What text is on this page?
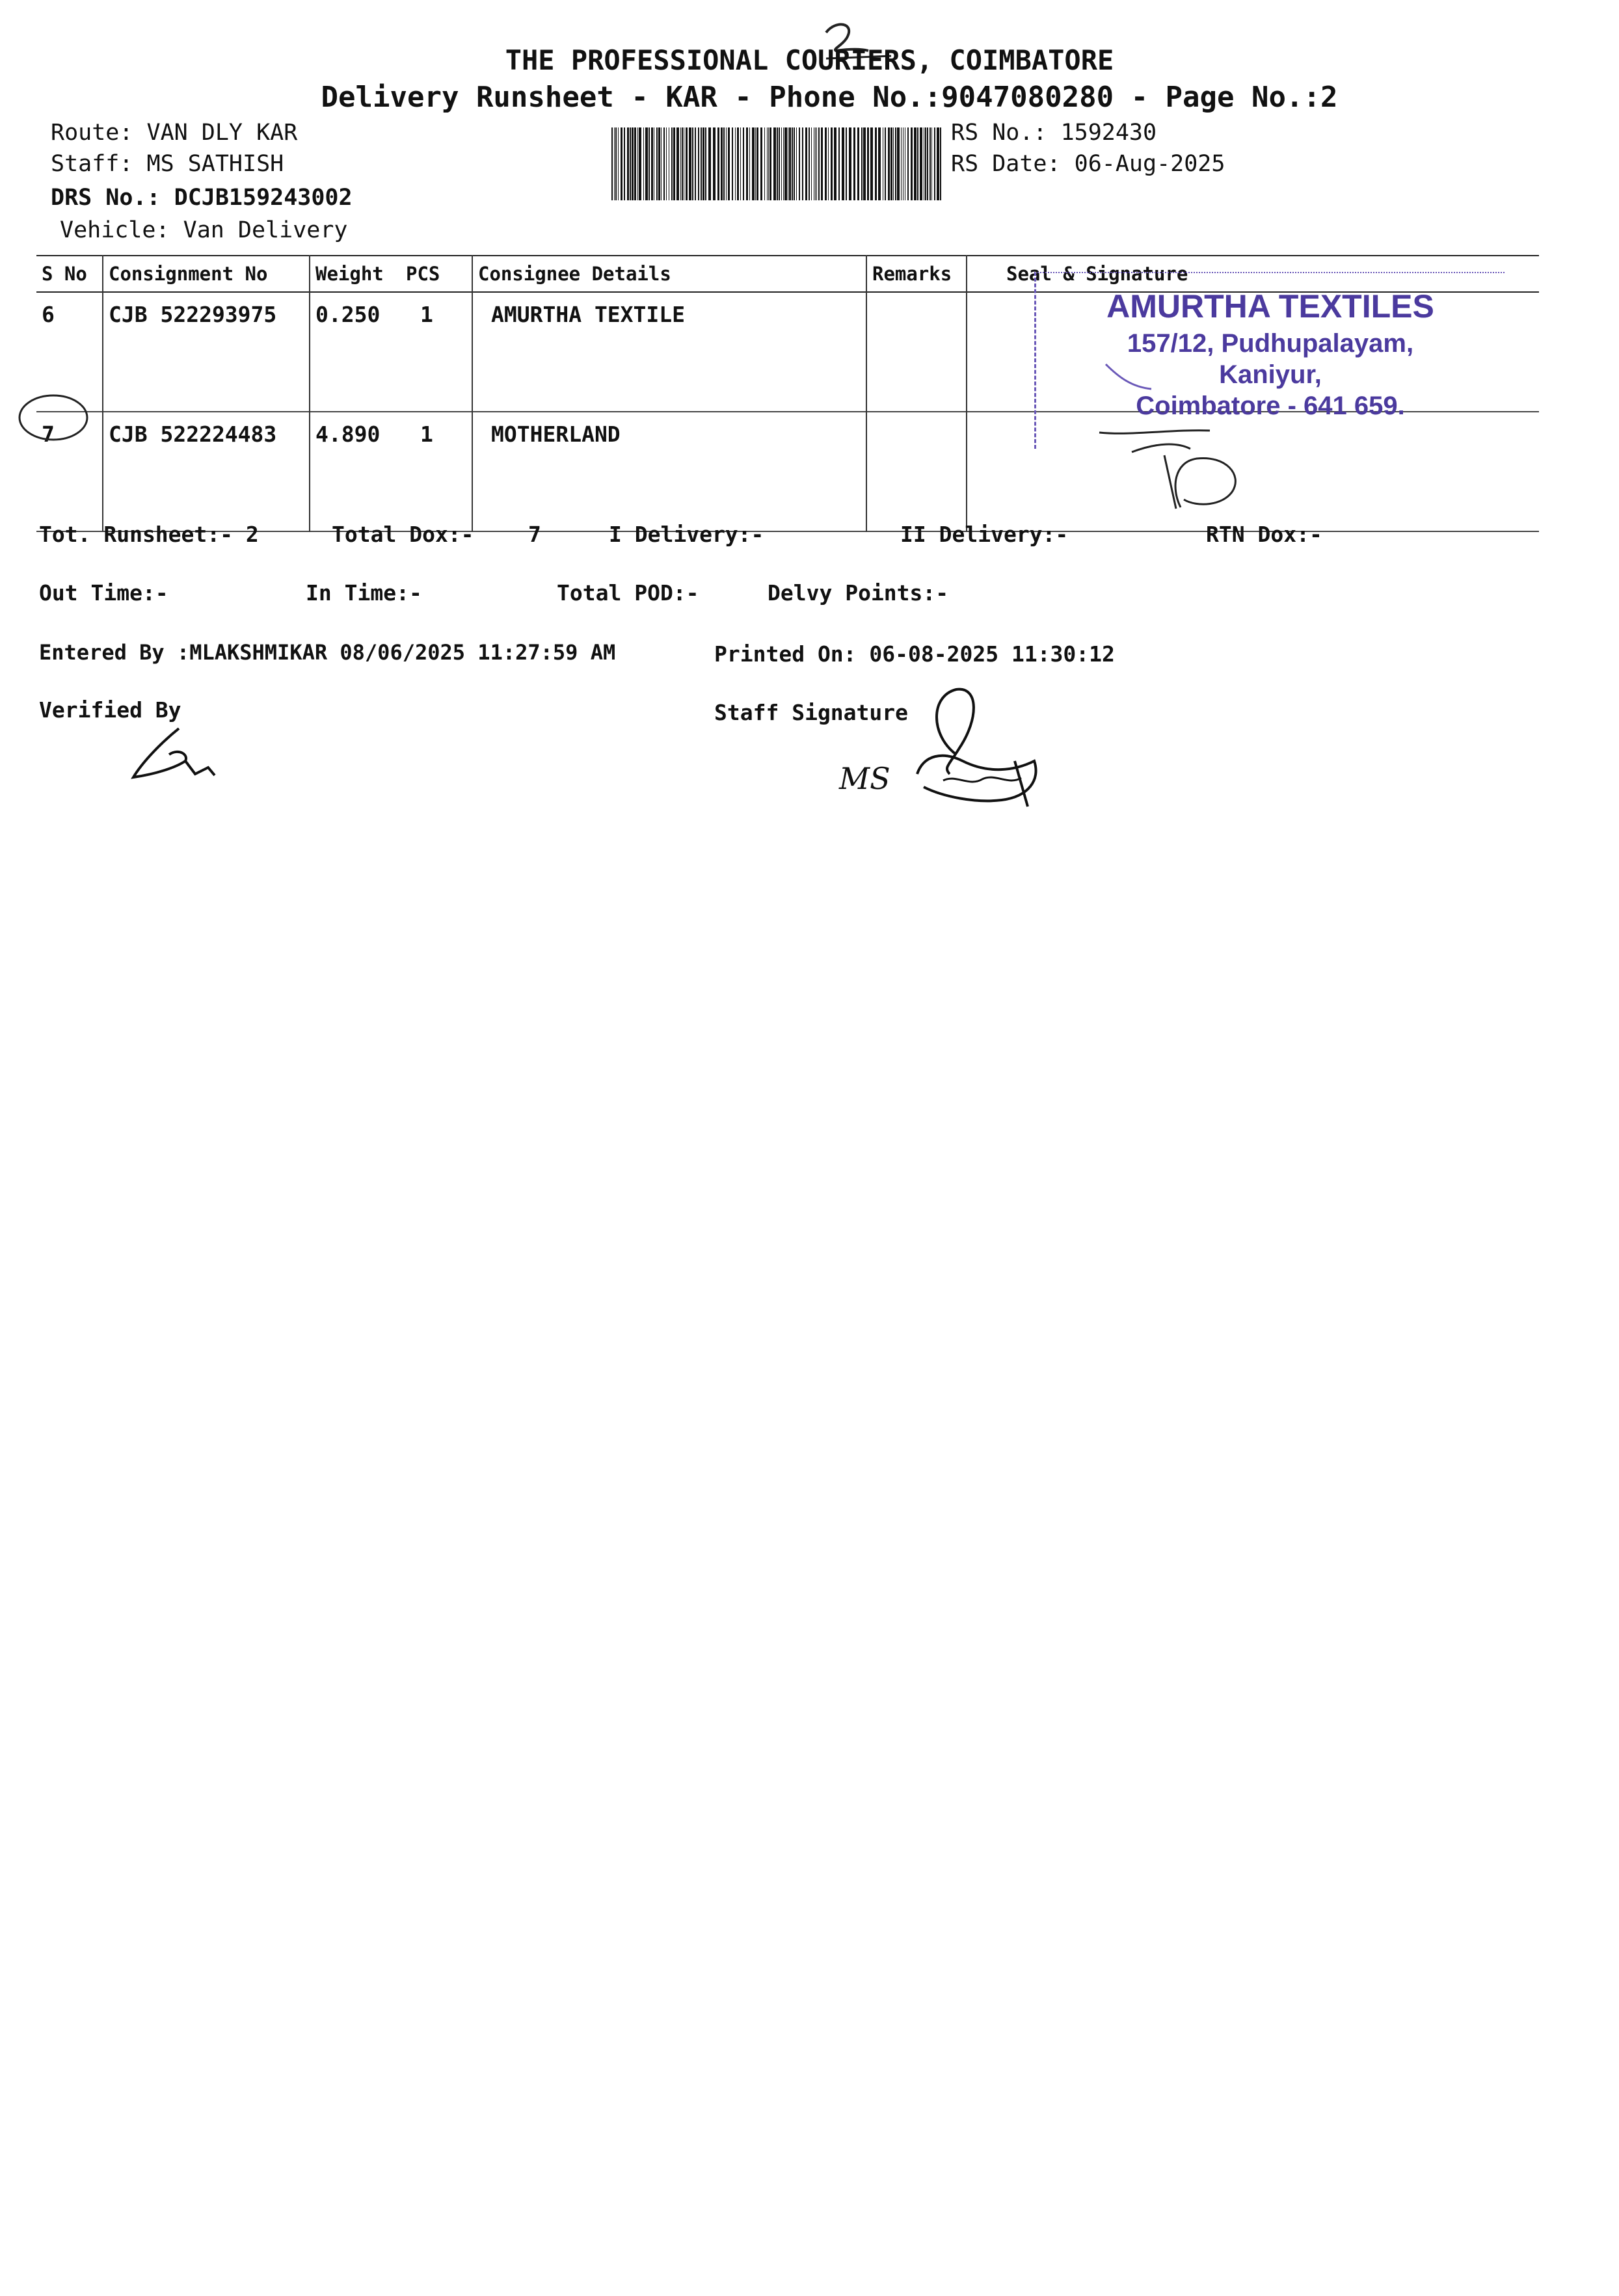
THE PROFESSIONAL COURIERS, COIMBATORE
Delivery Runsheet - KAR - Phone No.:9047080280 - Page No.:2
Route: VAN DLY KAR
Staff: MS SATHISH
DRS No.: DCJB159243002
Vehicle: Van Delivery
RS No.: 1592430
RS Date: 06-Aug-2025
S No	Consignment No	Weight	PCS	Consignee Details	Remarks	Seal & Signature
6	CJB 522293975	0.250	1	AMURTHA TEXTILE		
7	CJB 522224483	4.890	1	MOTHERLAND		
AMURTHA TEXTILES
157/12, Pudhupalayam,
Kaniyur,
Coimbatore - 641 659.
Tot. Runsheet:- 2	Total Dox:-	7	I Delivery:-	II Delivery:-	RTN Dox:-
Out Time:-	In Time:-	Total POD:-	Delvy Points:-
Entered By :MLAKSHMIKAR 08/06/2025 11:27:59 AM	Printed On: 06-08-2025 11:30:12
Verified By	Staff Signature
MS
